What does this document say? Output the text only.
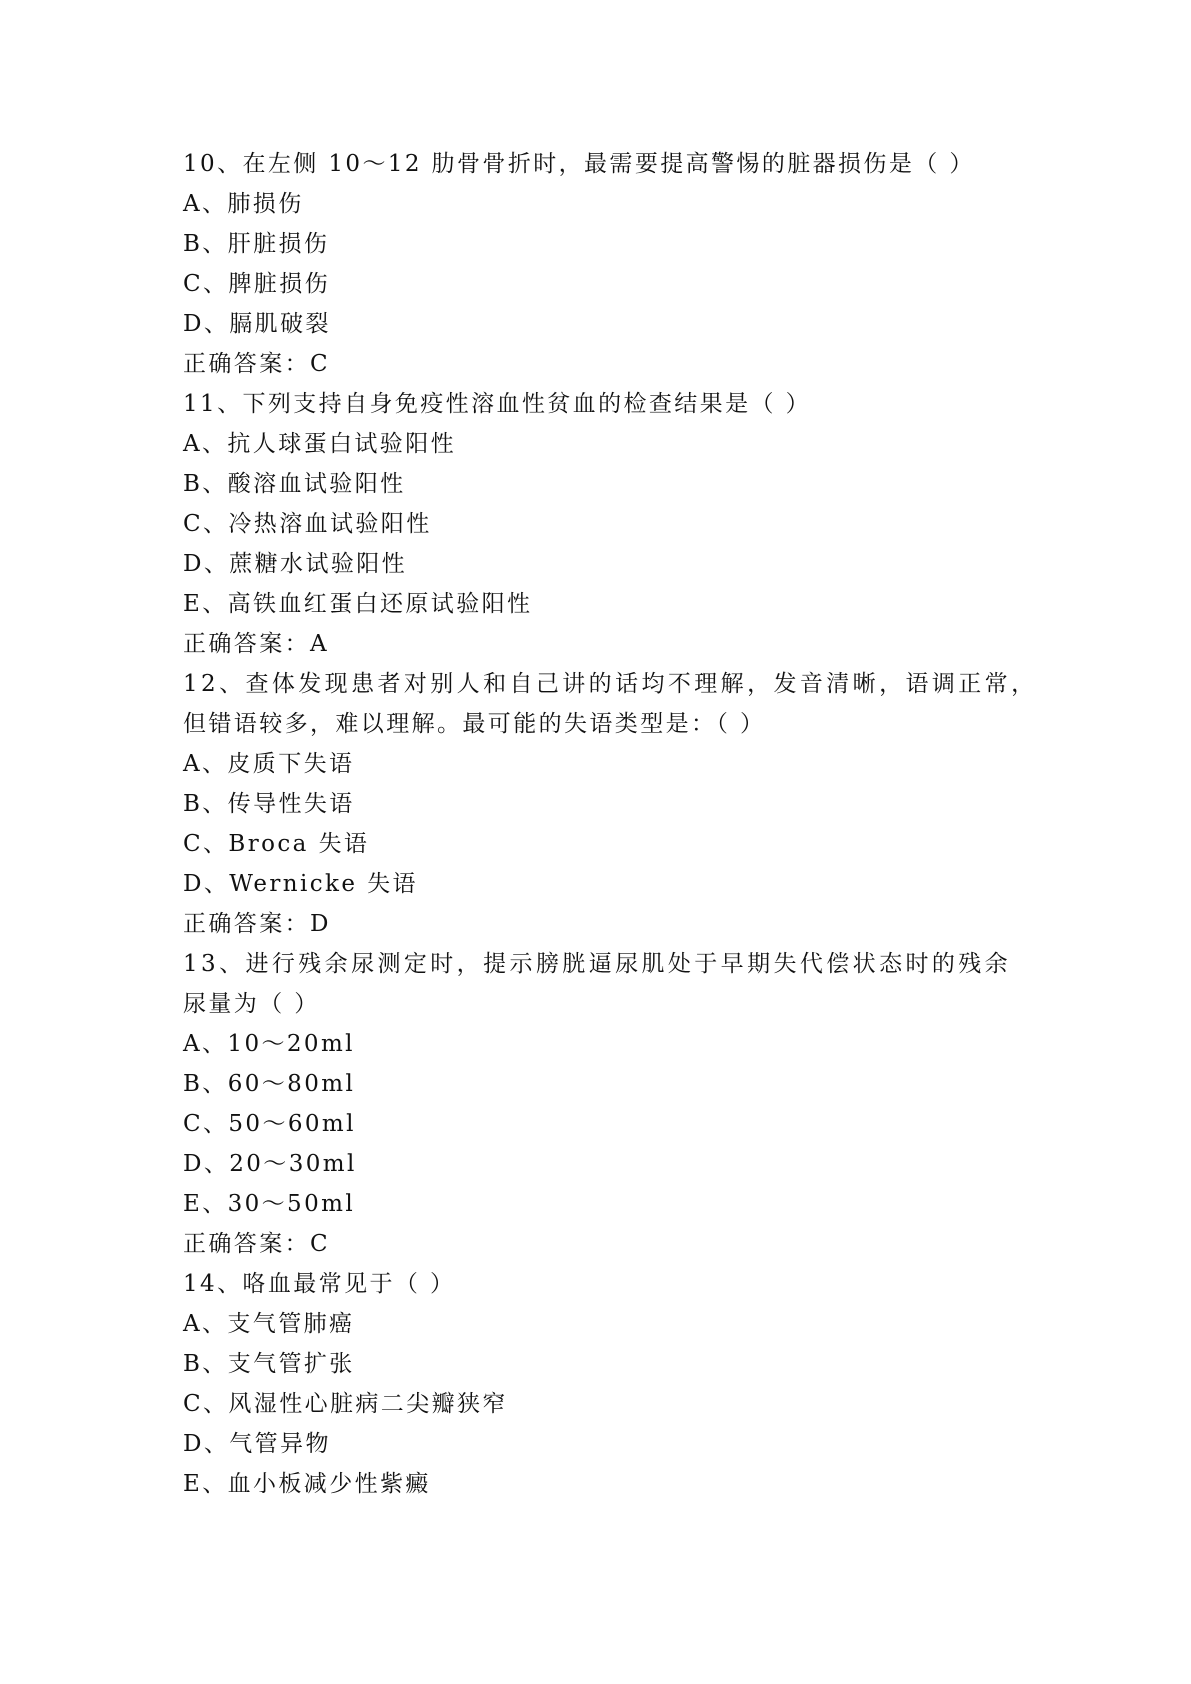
10、在左侧 10～12 肋骨骨折时，最需要提高警惕的脏器损伤是（ ）
A、肺损伤
B、肝脏损伤
C、脾脏损伤
D、膈肌破裂
正确答案：C
11、下列支持自身免疫性溶血性贫血的检查结果是（ ）
A、抗人球蛋白试验阳性
B、酸溶血试验阳性
C、冷热溶血试验阳性
D、蔗糖水试验阳性
E、高铁血红蛋白还原试验阳性
正确答案：A
12、查体发现患者对别人和自己讲的话均不理解，发音清晰，语调正常，
但错语较多，难以理解。最可能的失语类型是：（ ）
A、皮质下失语
B、传导性失语
C、Broca 失语
D、Wernicke 失语
正确答案：D
13、进行残余尿测定时，提示膀胱逼尿肌处于早期失代偿状态时的残余
尿量为（ ）
A、10～20ml
B、60～80ml
C、50～60ml
D、20～30ml
E、30～50ml
正确答案：C
14、咯血最常见于（ ）
A、支气管肺癌
B、支气管扩张
C、风湿性心脏病二尖瓣狭窄
D、气管异物
E、血小板减少性紫癜
